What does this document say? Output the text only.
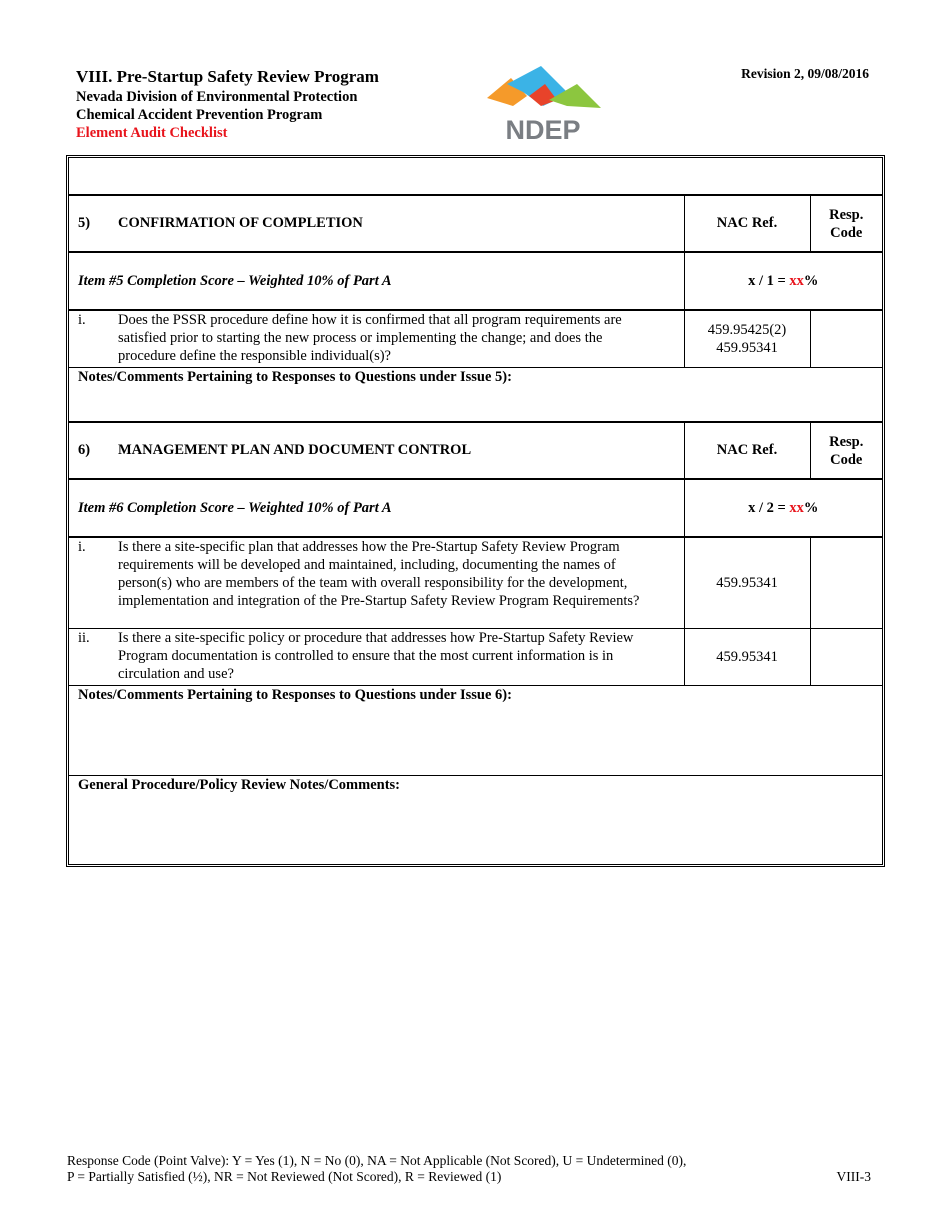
VIII. Pre-Startup Safety Review Program
Nevada Division of Environmental Protection
Chemical Accident Prevention Program
Element Audit Checklist	NDEP
Revision 2, 09/08/2016
5) CONFIRMATION OF COMPLETION	NAC Ref.	Resp.
Code

Item #5 Completion Score – Weighted 10% of Part A	x / 1 = xx%	
i. Does the PSSR procedure define how it is confirmed that all program requirements are satisfied prior to starting the new process or implementing the change; and does the procedure define the responsible individual(s)?	459.95425(2)
459.95341	

Notes/Comments Pertaining to Responses to Questions under Issue 5):		
6) MANAGEMENT PLAN AND DOCUMENT CONTROL	NAC Ref.	Resp.
Code

Item #6 Completion Score – Weighted 10% of Part A	x / 2 = xx%	
i. Is there a site-specific plan that addresses how the Pre-Startup Safety Review Program requirements will be developed and maintained, including, documenting the names of person(s) who are members of the team with overall responsibility for the development, implementation and integration of the Pre-Startup Safety Review Program Requirements?	459.95341	
ii. Is there a site-specific policy or procedure that addresses how Pre-Startup Safety Review Program documentation is controlled to ensure that the most current information is in circulation and use?	459.95341	
Notes/Comments Pertaining to Responses to Questions under Issue 6):		
General Procedure/Policy Review Notes/Comments:		
Response Code (Point Valve): Y = Yes (1), N = No (0), NA = Not Applicable (Not Scored), U = Undetermined (0),
P = Partially Satisfied (½), NR = Not Reviewed (Not Scored), R = Reviewed (1)	VIII-3
